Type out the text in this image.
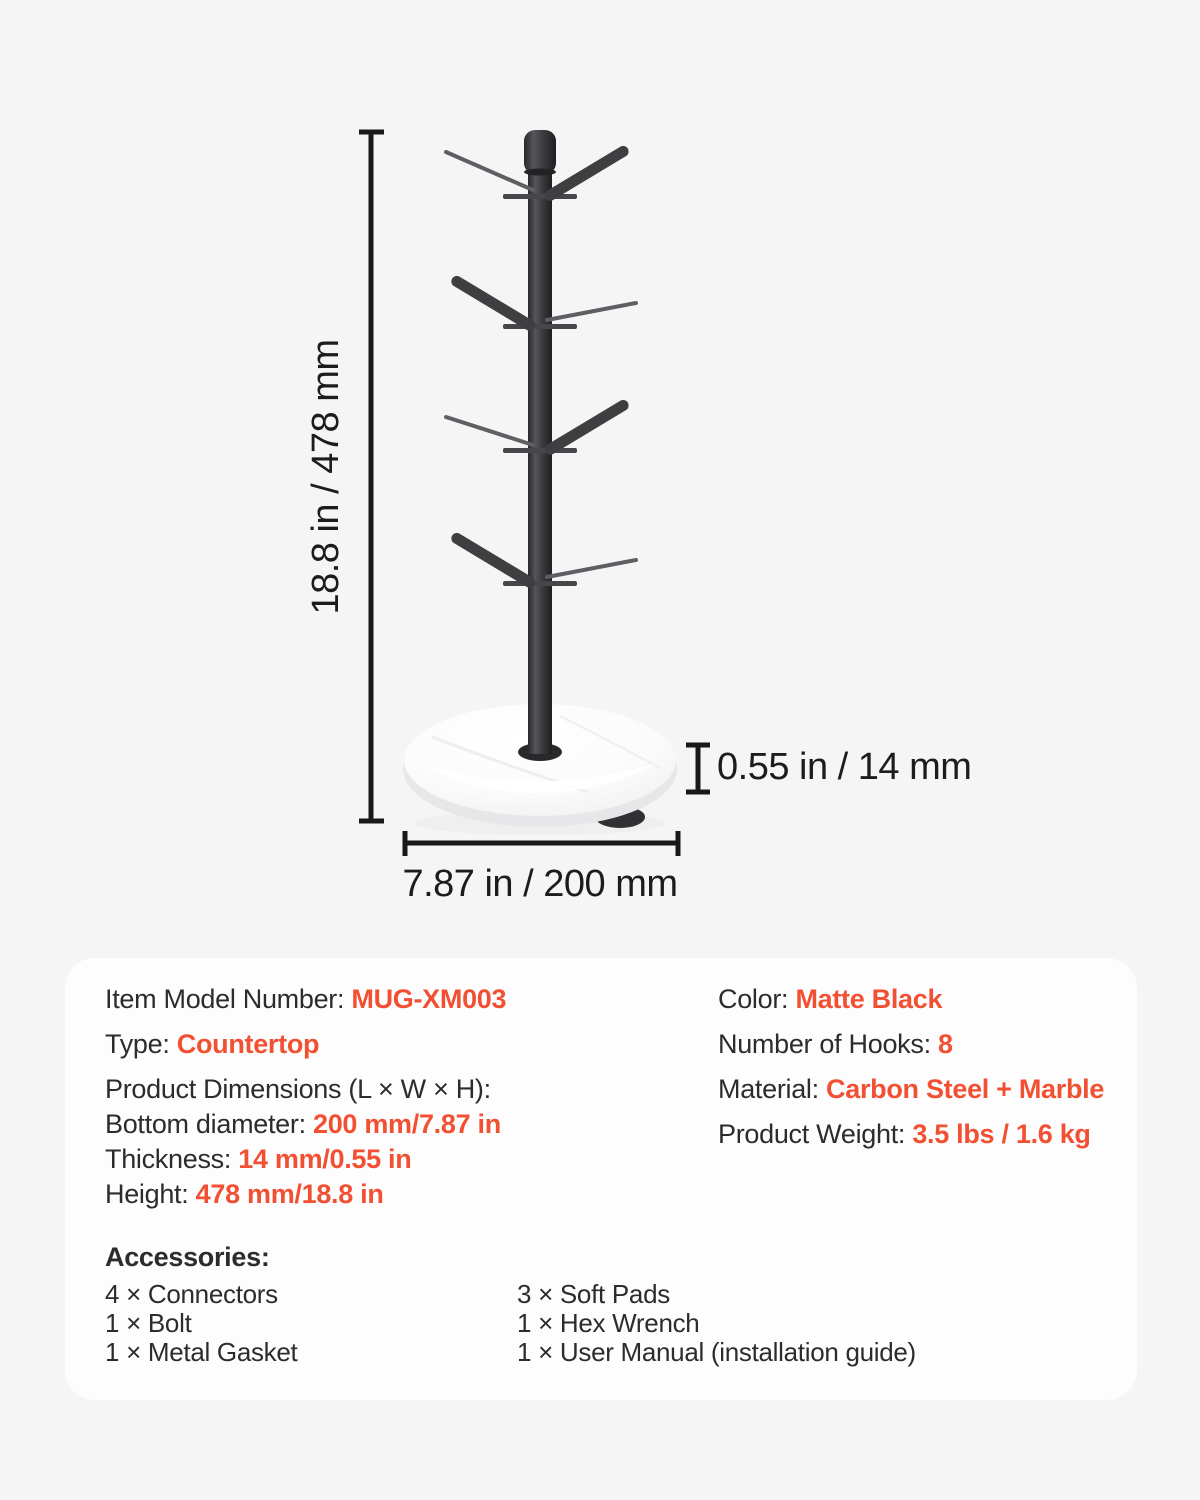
18.8 in / 478 mm
7.87 in / 200 mm
0.55 in / 14 mm
Item Model Number: MUG-XM003
Type: Countertop
Product Dimensions (L × W × H):
Bottom diameter: 200 mm/7.87 in
Thickness: 14 mm/0.55 in
Height: 478 mm/18.8 in
Color: Matte Black
Number of Hooks: 8
Material: Carbon Steel + Marble
Product Weight: 3.5 lbs / 1.6 kg
Accessories:
4 × Connectors
1 × Bolt
1 × Metal Gasket
3 × Soft Pads
1 × Hex Wrench
1 × User Manual (installation guide)
